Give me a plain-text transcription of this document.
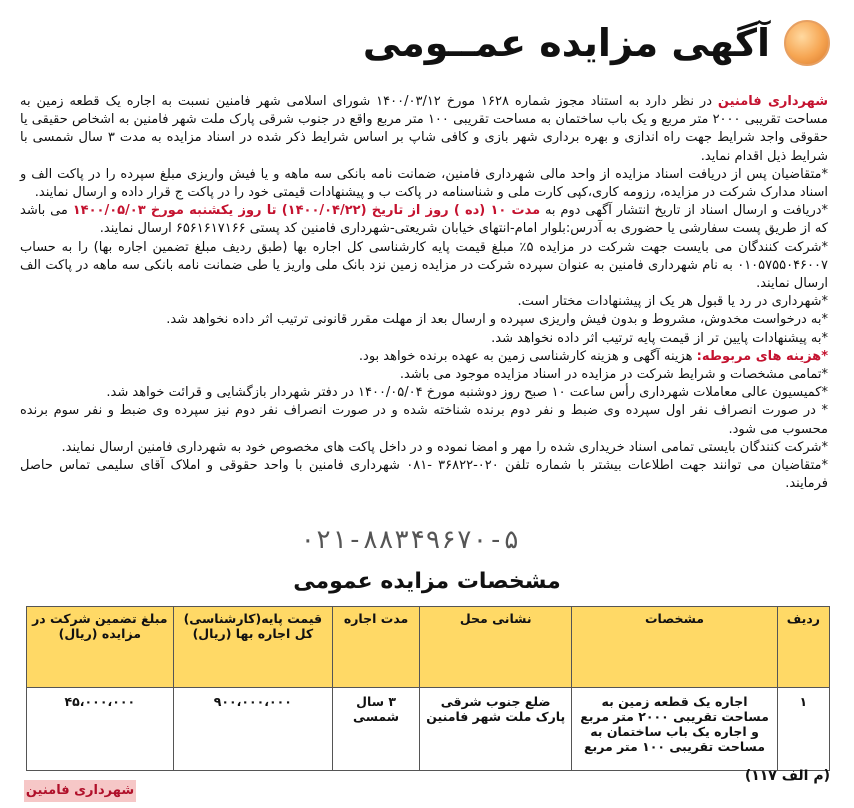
آگهی مزایده عمــومی

شهرداری فامنین در نظر دارد به استناد مجوز شماره ۱۶۲۸ مورخ ۱۴۰۰/۰۳/۱۲ شورای اسلامی شهر فامنین نسبت به اجاره یک قطعه زمین به مساحت تقریبی ۲۰۰۰ متر مربع و یک باب ساختمان به مساحت تقریبی ۱۰۰ متر مربع واقع در جنوب شرقی پارک ملت شهر فامنین به اشخاص حقیقی یا حقوقی واجد شرایط جهت راه اندازی و بهره برداری شهر بازی و کافی شاپ بر اساس شرایط ذکر شده در اسناد مزایده به مدت ۳ سال شمسی با شرایط ذیل اقدام نماید.

*متقاضیان پس از دریافت اسناد مزایده از واحد مالی شهرداری فامنین، ضمانت نامه بانکی سه ماهه و یا فیش واریزی مبلغ سپرده را در پاکت الف و اسناد مدارک شرکت در مزایده، رزومه کاری،کپی کارت ملی و شناسنامه در پاکت ب و پیشنهادات قیمتی خود را در پاکت ج قرار داده و ارسال نمایند.

*دریافت و ارسال اسناد از تاریخ انتشار آگهی دوم به مدت ۱۰ (ده ) روز از تاریخ (۱۴۰۰/۰۴/۲۲) تا روز یکشنبه مورخ ۱۴۰۰/۰۵/۰۳ می باشد که از طریق پست سفارشی یا حضوری به آدرس:بلوار امام-انتهای خیابان شریعتی-شهرداری فامنین کد پستی ۶۵۶۱۶۱۷۱۶۶ ارسال نمایند.

*شرکت کنندگان می بایست جهت شرکت در مزایده ۵٪ مبلغ قیمت پایه کارشناسی کل اجاره بها (طبق ردیف مبلغ تضمین اجاره بها) را به حساب ۰۱۰۵۷۵۵۰۴۶۰۰۷ به نام شهرداری فامنین به عنوان سپرده شرکت در مزایده زمین نزد بانک ملی واریز یا طی ضمانت نامه بانکی سه ماهه در پاکت الف ارسال نمایند.

*شهرداری در رد یا قبول هر یک از پیشنهادات مختار است.

*به درخواست مخدوش، مشروط و بدون فیش واریزی سپرده و ارسال بعد از مهلت مقرر قانونی ترتیب اثر داده نخواهد شد.

*به پیشنهادات پایین تر از قیمت پایه ترتیب اثر داده نخواهد شد.

*هزینه های مربوطه: هزینه آگهی و هزینه کارشناسی زمین به عهده برنده خواهد بود.

*تمامی مشخصات و شرایط شرکت در مزایده در اسناد مزایده موجود می باشد.

*کمیسیون عالی معاملات شهرداری رأس ساعت ۱۰ صبح روز دوشنبه مورخ ۱۴۰۰/۰۵/۰۴ در دفتر شهردار بازگشایی و قرائت خواهد شد.

* در صورت انصراف نفر اول سپرده وی ضبط و نفر دوم برنده شناخته شده و در صورت انصراف نفر دوم نیز سپرده وی ضبط و نفر سوم برنده محسوب می شود.

*شرکت کنندگان بایستی تمامی اسناد خریداری شده را مهر و امضا نموده و در داخل پاکت های مخصوص خود به شهرداری فامنین ارسال نمایند.

*متقاضیان می توانند جهت اطلاعات بیشتر با شماره تلفن ۰۲۰-۳۶۸۲۲ -۰۸۱ شهرداری فامنین با واحد حقوقی و املاک آقای سلیمی تماس حاصل فرمایند.

۰۲۱-۸۸۳۴۹۶۷۰-۵
مشخصات مزایده عمومی
ردیف	مشخصات	نشانی محل	مدت اجاره	قیمت پایه(کارشناسی) کل اجاره بها (ریال)	مبلغ تضمین شرکت در مزایده (ریال)
۱	اجاره یک قطعه زمین به مساحت تقریبی ۲۰۰۰ متر مربع و اجاره یک باب ساختمان به مساحت تقریبی ۱۰۰ متر مربع	ضلع جنوب شرقی پارک ملت شهر فامنین	۳ سال شمسی	۹۰۰،۰۰۰،۰۰۰	۴۵،۰۰۰،۰۰۰
(م الف ۱۱۷)
شهرداری فامنین
